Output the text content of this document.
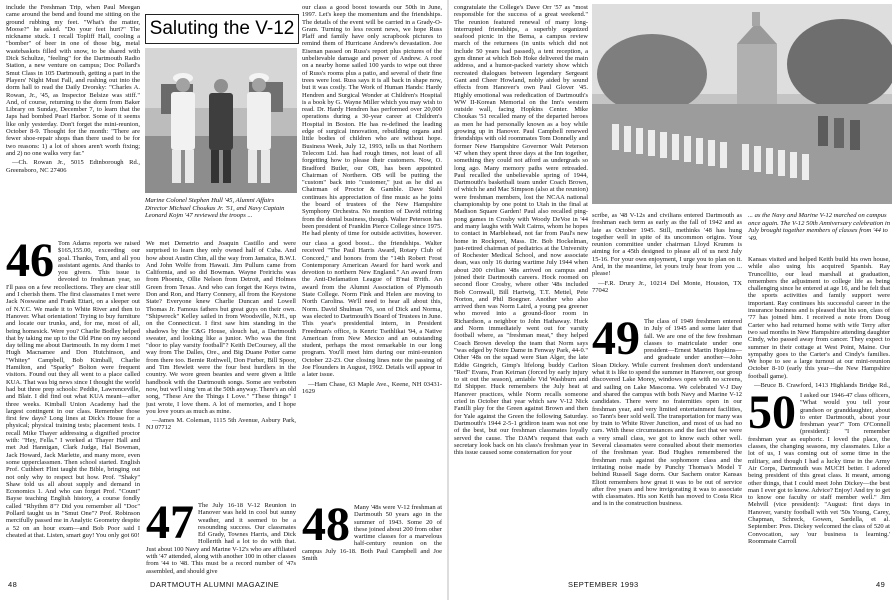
include the Freshman Trip, when Paul Meegan came around the bend and found me sitting on the ground rubbing my feet. "What's the matter, Moose?" he asked. "Do your feet hurt?" The nickname stuck. I recall Topliff Hall, cooling a "bomber" of beer in one of those big, metal wastebaskets filled with snow, to be shared with Dick Schultze, "feeling" for the Dartmouth Radio Station, a new venture on campus; Doc Pollard's Smut Class in 105 Dartmouth, getting a part in the Players' Night Must Fall, and rushing out into the dorm hall to read the Daily Dvorsky: "Charles A. Rowan, Jr., '45, as Inspector Belsize was stiff." And, of course, returning to the dorm from Baker Library on Sunday, December 7, to learn that the Japs had bombed Pearl Harbor. Some of it seems like only yesterday. Don't forget the mini-reunion, October 8-9. Thought for the month: "There are fewer shoe-repair shops than there used to be for two reasons: 1) a lot of shoes aren't worth fixing; and 2) no one walks very far."

—Ch. Rowan Jr., 5015 Edinborough Rd., Greensboro, NC 27406

Saluting the V-12
Marine Colonel Stephen Hull '45, Alumni Affairs Director Michael Choukas Jr. '51, and Navy Captain Leonard Kojm '47 reviewed the troops ...

our class a good boost towards our 50th in June, 1997. Let's keep the momentum and the friendships. The details of the event will be carried in a Grady-O-Gram. Turning to less recent news, we hope Russ Plaff and family have only scrapbook pictures to remind them of Hurricane Andrew's devastation. Joe Eisenan passed on Russ's report plus pictures of the unbelievable damage and power of Andrew. A roof on a nearby home sailed 100 yards to wipe out three of Russ's rooms plus a patio, and several of their fine trees were lost. Russ says it is all back in shape now, but it was costly. The Work of Human Hands: Hardy Hendren and Surgical Wonder at Children's Hospital is a book by G. Wayne Miller which you may wish to read. Dr. Hardy Hendren has performed over 20,000 operations during a 30-year career at Children's Hospital in Boston. He has re-defined the leading edge of surgical innovation, rebuilding organs and little bodies of children who are without hope. Business Week, July 12, 1993, tells us that Northern Telecom Ltd. has had rough times, not least of all forgetting how to please their customers. Now, O. Bradford Butler, our OB, has been appointed Chairman of Northern. OB will be putting the "custom" back into "customer," just as he did as Chairman of Proctor & Gamble. Dave Stahl continues his appreciation of fine music as he joins the board of trustees of the New Hampshire Symphony Orchestra. No mention of David retiring from the dental business, though. Walter Peterson has been president of Franklin Pierce College since 1975. He had plenty of time for outside activities, however.

46 Tom Adams reports we raised $165,155.00, exceeding our goal. Thanks, Tom, and all you assistant agents. And thanks to you givers. This issue is devoted to freshman year, so I'll pass on a few recollections. They are clear still and I cherish them. The first classmates I met were Jack Noswaine and Frank Ettari, on a sleeper out of N.Y.C. We made it to White River and then to Hanover. What orientation! Trying to buy furniture and locate our trunks, and, for me, most of all, being homesick. Were you? Charlie Bodley helped that by taking me up to the Old Pine on my second day telling me about Dartmouth. In my dorm I met Hugh Macnamee and Don Hutchinson, and "Whitey" Campbell, Bob Kimball, Charlie Hamilton, and "Sparky" Bolton were frequent visitors. Found out they all went to a place called KUA. That was big news since I thought the world had but three prep schools: Peddie, Lawrenceville, and Blair. I did find out what KUA meant—after three weeks. Kimball Union Academy had the largest contingent in our class. Remember those first few days? Long lines at Dick's House for a physical; physical training tests; placement tests. I recall Mike Thayer addressing a dignified proctor with: "Hey, Fella." I worked at Thayer Hall and met Jud Hannigan, Clark Judge, Hal Bowman, Jack Howard, Jack Marlette, and many more, even some upperclassmen. Then school started. English Prof. Cuthbert Flint taught the Bible, bringing out not only why to respect but how. Prof. "Shaky" Shaw told us all about supply and demand in Economics 1. And who can forget Prof. "Count" Bayse teaching English history, a course fondly called "Rhythm 8"? Did you remember all "Doc" Pollard taught us in "Smut One"? Prof. Robinson mercifully passed me in Analytic Geometry despite a 52 on an hour exam—and Bob Poor said I cheated at that. Listen, smart guy! You only got 60!

We met Demetrio and Joaquin Castillo and were surprised to learn they only owned half of Cuba. And how about Austin Chin, all the way from Jamaica, B.W.I. And John Wolfe from Hawaii. Jim Pullum came from California, and so did Bowman. Wayne Freirichs was from Phoenix, Ollie Nelson from Detroit, and Holmes Green from Texas. And who can forget the Keys twins, Don and Ron, and Harry Connery, all from the Keystone State? Everyone knew Charlie Duncan and Lowell Thomas Jr. Famous fathers but great guys on their own. "Shipwreck" Kelley sailed in from Woodsville, N.H., up on the Connecticut. I first saw him standing in the shadows by the C&G House, slouch hat, a Dartmouth sweater, and looking like a junior. Who was the first "door to play varsity football"? Keith DeCoursey, all the way from The Dalles, Ore., and Big Duane Potter came from there too. Bernie Rothwell, Don Furber, Bill Spoor, and Tim Hewlett were the four best hurdlers in the country. We wore green beanies and were given a little handbook with the Dartmouth songs. Some are verboten now, but we'll sing 'em at the 50th anyway. There's an old song, "These Are the Things I Love." "These things" I just wrote, I love them. A lot of memories, and I hope you love yours as much as mine.

—James M. Coleman, 1115 5th Avenue, Asbury Park, NJ 07712

47 The July 16-18 V-12 Reunion in Hanover was held in cool but sunny weather, and it seemed to be a resounding success. Our classmates Ed Grady, Townes Harris, and Dick Hollerith had a lot to do with that. Just about 100 Navy and Marine V-12's who are affiliated with '47 attended, along with another 100 in other classes from '44 to '48. This must be a record number of '47s assembled, and should give

our class a good boost... the friendships. Walter received "The Paul Harris Award, Rotary Club of Concord," and honors from the "14th Robert Frost Contemporary American Award for hard work and devotion to northern New England." An award from the Anti-Defamation League of B'nai B'rith. An award from the Alumni Association of Plymouth State College. Norm Fink and Helen are moving to North Carolina. We'll need to hear all about this, Norm. David Shulman '76, son of Dick and Norma, was elected to Dartmouth's Board of Trustees in June. This year's presidential intern, in President Freedman's office, is Kenric Tsethlikai '94, a Native American from New Mexico and an outstanding student, perhaps the most remarkable in our long program. You'll meet him during our mini-reunion October 22-23. Our closing lines note the passing of Joe Flounders in August, 1992. Details will appear in a later issue.

—Ham Chase, 63 Maple Ave., Keene, NH 03431-1629

48 Many '48s were V-12 freshman at Dartmouth 50 years ago in the summer of 1943. Some 20 of these joined about 200 from other wartime classes for a marvelous half-century reunion on the campus July 16-18. Both Paul Campbell and Joe Smith

48	DARTMOUTH ALUMNI MAGAZINE

congratulate the College's Dave Orr '57 as "most responsible for the success of a great weekend." The reunion featured renewal of many long-interrupted friendships, a superbly organized seafood picnic in the Bema, a campus review march of the returnees (in units which did not include 50 years had passed), a tent reception, a gym dinner at which Bob Hoke delivered the main address, and a humor-packed variety show which recreated dialogues between legendary Sergeant Gant and Cheer Howland, nobly aided by sound effects from Hanover's own Paul Glover '45. Highly emotional was rededication of Dartmouth's WW II-Korean Memorial on the Inn's western outside wall, facing Hopkins Center. Mike Choukas '51 recalled many of the departed heroes as men he had personally known as a boy while growing up in Hanover. Paul Campbell renewed friendships with old roommates Tom Donnelly and former New Hampshire Governor Walt Peterson '47 when they spent three days at the Inn together, something they could not afford as undergrads so long ago. Many memory paths were retreaded. Paul recalled the unbelievable spring of 1944, Dartmouth's basketball team under Coach Brown, of which he and Mac Simpson (also at the reunion) were freshman members, lost the NCAA national championship by one point to Utah in the final at Madison Square Garden! Paul also recalled ping-pong games in Crosby with Woody DeVoe in '44 and many laughs with Walt Cairns, whom he hopes to contact in Marblehead, not far from Paul's new home in Rockport, Mass. Dr. Bob Hockelman, just-retired chairman of pediatrics at the University of Rochester Medical School, and now associate dean, was only 16 during wartime July 1944 when about 200 civilian '48s arrived on campus and joined their Dartmouth careers. Hock roomed on second floor Crosby, where other '48s included Bob Cornwall, Bill Hartwig, T.T. Mettel, Pete Norton, and Phil Boegner. Another who also arrived then was Norm Laird, a young pea greener who moved into a ground-floor room in Richardson, a neighbor to John Hathaway. Huck and Norm immediately went out for varsity football where, as "freshman meat," they helped Coach Brown develop the team that Norm says "was edged by Notre Dame in Fenway Park, 44-0." Other '48s on the squad were Stan Alger, the late Eddie Gingrich, Gimp's lifelong buddy Carlton "Red" Evans, Fran Keirnan (forced by early injury to sit out the season), amiable Vid Washburn and Ed Shipper. Huck remembers the July heat at Hanover practices, while Norm recalls someone cried in October that year which saw V-12 Nick Fanilli play for the Green against Brown and then for Yale against the Green the following Saturday. Dartmouth's 1944 2-5-1 gridiron team was not one of the best, but our freshman classmates loyally served the cause. The DAM's request that each secretary look back on his class's freshman year in this issue caused some consternation for your

... as the Navy and Marine V-12 marched on campus once again. The V-12 50th Anniversary celebration in July brought together members of classes from '44 to '49.

scribe, as '48 V-12s and civilians entered Dartmouth as freshman each term as early as the fall of 1942 and as late as October 1945. Still, methinks '48 has hung together well in spite of its uncommon origins. Your reunion committee under chairman Lloyd Krumm is aiming for a 45th designed to please all of us next July 15-16. For your own enjoyment, I urge you to plan on it. And, in the meantime, let yours truly hear from you ... please!

—F.R. Drury Jr., 10214 Del Monte, Houston, TX 77042

49 The class of 1949 freshmen entered in July of 1945 and some later that fall. We are one of the few freshman classes to matriculate under one president—Ernest Martin Hopkins—and graduate under another—John Sloan Dickey. While current freshmen don't understand what it is like to spend the summer in Hanover, our group discovered Lake Morey, windows open with no screens, and sailing on Lake Mascoma. We celebrated V-J Day and shared the campus with both Navy and Marine V-12 candidates. There were no fraternities open in our freshman year, and very limited entertainment facilities, so Tann's beer sold well. The transportation for many was by train to White River Junction, and most of us had no cars. With these circumstances and the fact that we were a very small class, we got to know each other well. Several classmates were consulted about their memories of the freshman year. Bud Hughes remembered the freshman rush against the sophomore class and the irritating noise made by Punchy Thomas's Model T behind Russell Sage dorm. Our Sachem orator Kansas Eliott remembers how great it was to be out of service after five years and how invigorating it was to associate with classmates. His son Keith has moved to Costa Rica and is in the construction business.

Kansas visited and helped Keith build his own house, while also using his acquired Spanish. Ray Truncellito, our lead marshall at graduation, remembers the adjustment to college life as being challenging since he entered at age 16, and he felt that the sports activities and family support were important. Ray continues his successful career in the insurance business and is pleased that his son, class of '77 has joined him. I received a note from Doug Carter who had returned home with wife Terry after two sad months in New Hampshire attending daughter Cindy, who passed away from cancer. They expect to summer in their cottage at West Point, Maine. Our sympathy goes to the Carter's and Cindy's families. We hope to see a large turnout at our mini-reunion October 8-10 (early this year—the New Hampshire football game).

—Bruce B. Crawford, 1413 Highlands Bridge Rd.,

50 I asked our 1946-47 class officers, "What would you tell your grandson or granddaughter, about to enter Dartmouth, about your freshman year?" Tom O'Connell (president): "I remember freshman year as euphoric. I loved the place, the classes, the changing seasons, my classmates. Like a lot of us, I was coming out of some time in the military, and though I had a lucky time in the Army Air Corps, Dartmouth was MUCH better. I adored being president of this great class. It meant, among other things, that I could meet John Dickey—the best man I ever got to know. Advice? Enjoy! And try to get to know one faculty or staff member well." Jim Mehvill (vice president): "August: first days in Hanover, varsity football with vet '50s Young, Carey, Chapman, Schreck, Gowen, Sardella, et al. September: Pres. Dickey welcomed the class of 520 at Convocation, say 'our business is learning.' Roommate Carroll

SEPTEMBER 1993	49
